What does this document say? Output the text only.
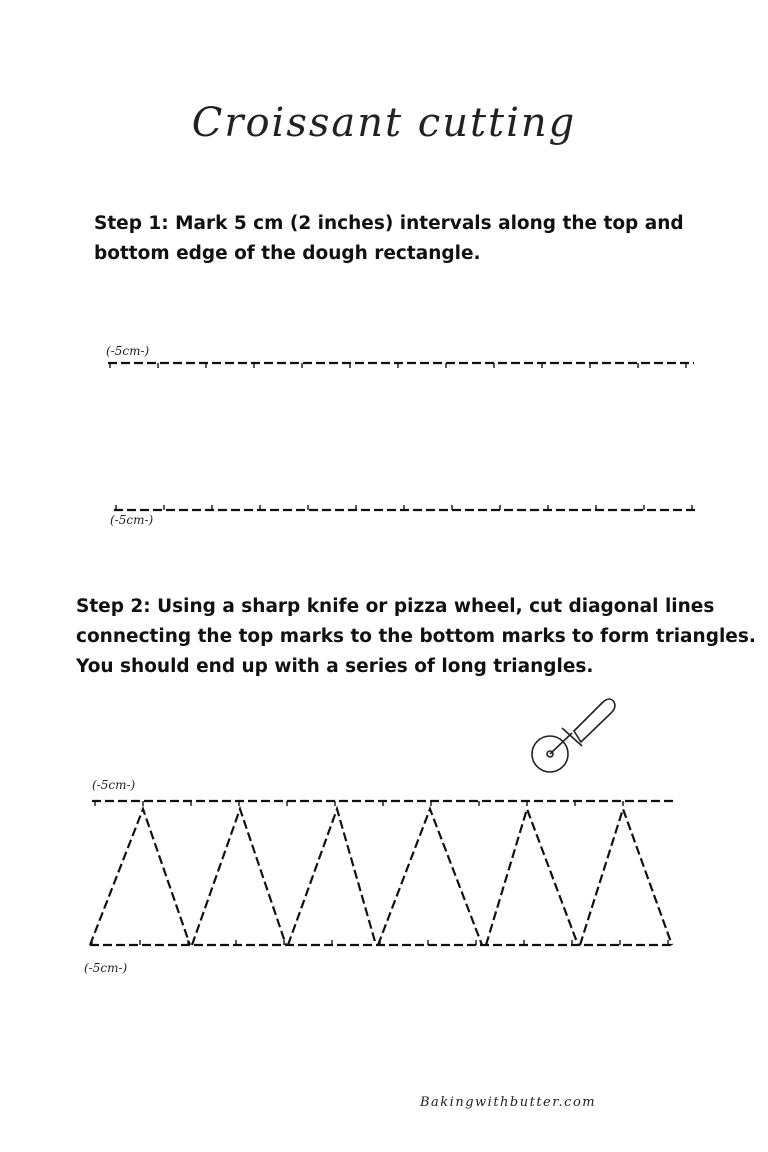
Croissant cutting
Step 1: Mark 5 cm (2 inches) intervals along the top and bottom edge of the dough rectangle.
(-5cm-)
(-5cm-)
Step 2: Using a sharp knife or pizza wheel, cut diagonal lines connecting the top marks to the bottom marks to form triangles. You should end up with a series of long triangles.
(-5cm-)
(-5cm-)
Bakingwithbutter.com
